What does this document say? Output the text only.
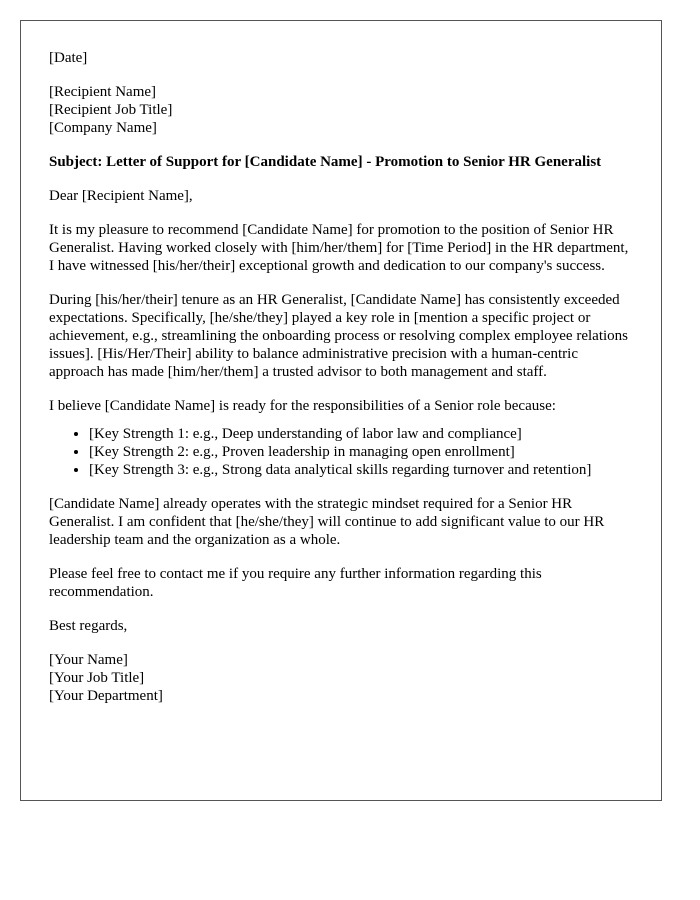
[Date]
[Recipient Name]
[Recipient Job Title]
[Company Name]

Subject: Letter of Support for [Candidate Name] - Promotion to Senior HR Generalist

Dear [Recipient Name],

It is my pleasure to recommend [Candidate Name] for promotion to the position of Senior HR Generalist. Having worked closely with [him/her/them] for [Time Period] in the HR department, I have witnessed [his/her/their] exceptional growth and dedication to our company's success.

During [his/her/their] tenure as an HR Generalist, [Candidate Name] has consistently exceeded expectations. Specifically, [he/she/they] played a key role in [mention a specific project or achievement, e.g., streamlining the onboarding process or resolving complex employee relations issues]. [His/Her/Their] ability to balance administrative precision with a human-centric approach has made [him/her/them] a trusted advisor to both management and staff.

I believe [Candidate Name] is ready for the responsibilities of a Senior role because:

• [Key Strength 1: e.g., Deep understanding of labor law and compliance]
• [Key Strength 2: e.g., Proven leadership in managing open enrollment]
• [Key Strength 3: e.g., Strong data analytical skills regarding turnover and retention]

[Candidate Name] already operates with the strategic mindset required for a Senior HR Generalist. I am confident that [he/she/they] will continue to add significant value to our HR leadership team and the organization as a whole.

Please feel free to contact me if you require any further information regarding this recommendation.

Best regards,

[Your Name]
[Your Job Title]
[Your Department]
